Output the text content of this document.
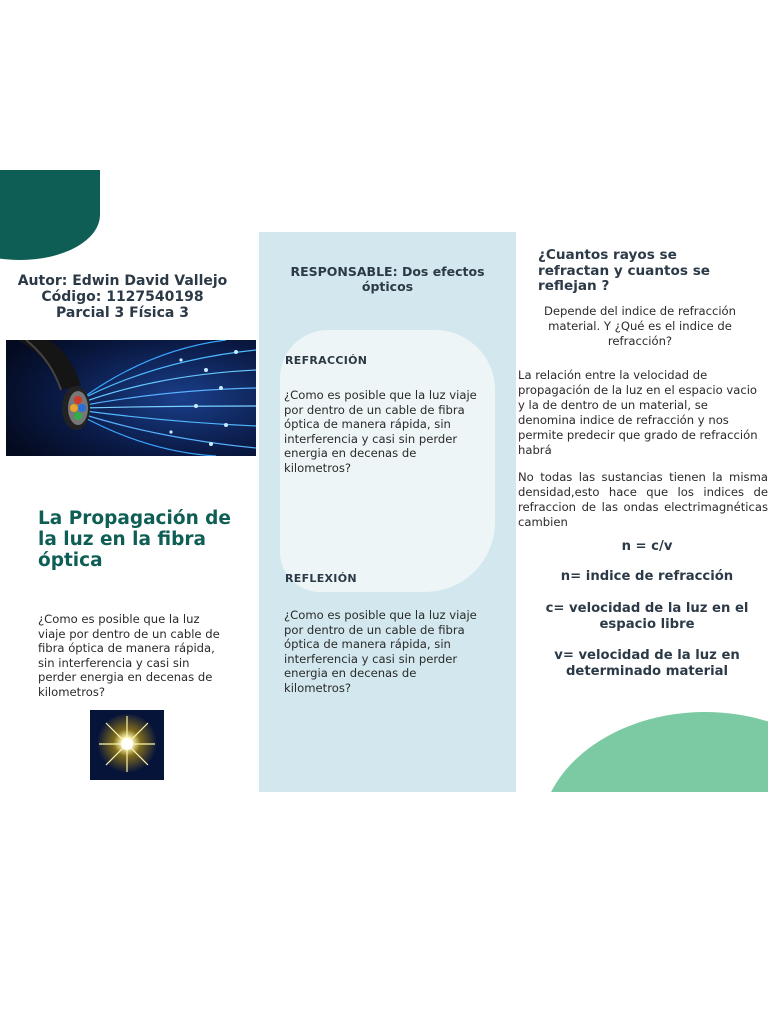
Autor: Edwin David Vallejo
Código: 1127540198
Parcial 3 Física 3
La Propagación de la luz en la fibra óptica
¿Como es posible que la luz viaje por dentro de un cable de fibra óptica de manera rápida, sin interferencia y casi sin perder energia en decenas de kilometros?
RESPONSABLE: Dos efectos ópticos
REFRACCIÓN
¿Como es posible que la luz viaje por dentro de un cable de fibra óptica de manera rápida, sin interferencia y casi sin perder energia en decenas de kilometros?
REFLEXIÓN
¿Como es posible que la luz viaje por dentro de un cable de fibra óptica de manera rápida, sin interferencia y casi sin perder energia en decenas de kilometros?
¿Cuantos rayos se refractan y cuantos se reflejan ?
Depende del indice de refracción material. Y ¿Qué es el indice de refracción?
La relación entre la velocidad de propagación de la luz en el espacio vacio y la de dentro de un material, se denomina indice de refracción y nos permite predecir que grado de refracción habrá
No todas las sustancias tienen la misma densidad,esto hace que los indices de refraccion de las ondas electrimagnéticas cambien
n = c/v
n= indice de refracción
c= velocidad de la luz en el espacio libre
v= velocidad de la luz en determinado material
